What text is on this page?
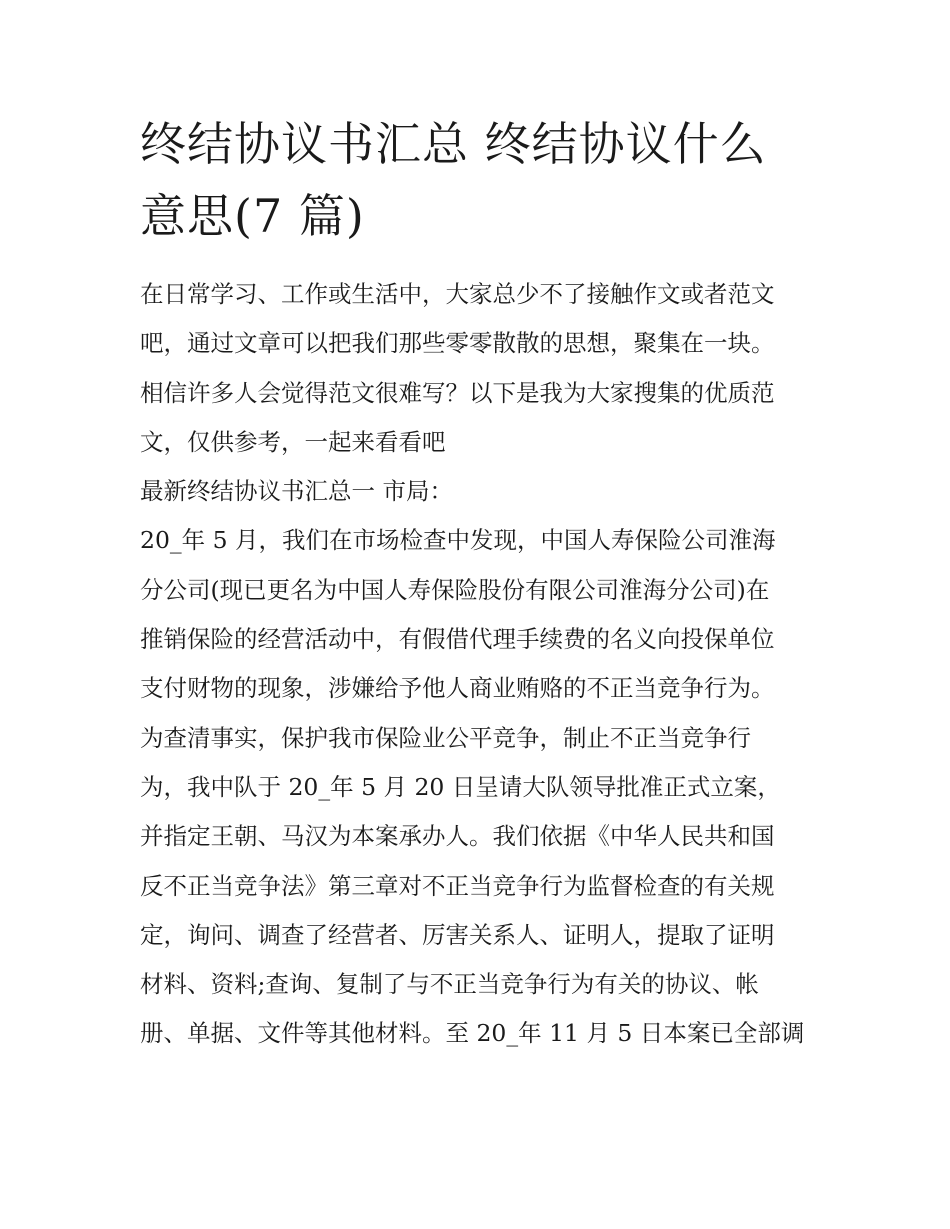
终结协议书汇总 终结协议什么
意思(7 篇)
在日常学习、工作或生活中，大家总少不了接触作文或者范文
吧，通过文章可以把我们那些零零散散的思想，聚集在一块。
相信许多人会觉得范文很难写？以下是我为大家搜集的优质范
文，仅供参考，一起来看看吧
最新终结协议书汇总一 市局：
20_年 5 月，我们在市场检查中发现，中国人寿保险公司淮海
分公司(现已更名为中国人寿保险股份有限公司淮海分公司)在
推销保险的经营活动中，有假借代理手续费的名义向投保单位
支付财物的现象，涉嫌给予他人商业贿赂的不正当竞争行为。
为查清事实，保护我市保险业公平竞争，制止不正当竞争行
为，我中队于 20_年 5 月 20 日呈请大队领导批准正式立案，
并指定王朝、马汉为本案承办人。我们依据《中华人民共和国
反不正当竞争法》第三章对不正当竞争行为监督检查的有关规
定，询问、调查了经营者、厉害关系人、证明人，提取了证明
材料、资料;查询、复制了与不正当竞争行为有关的协议、帐
册、单据、文件等其他材料。至 20_年 11 月 5 日本案已全部调
